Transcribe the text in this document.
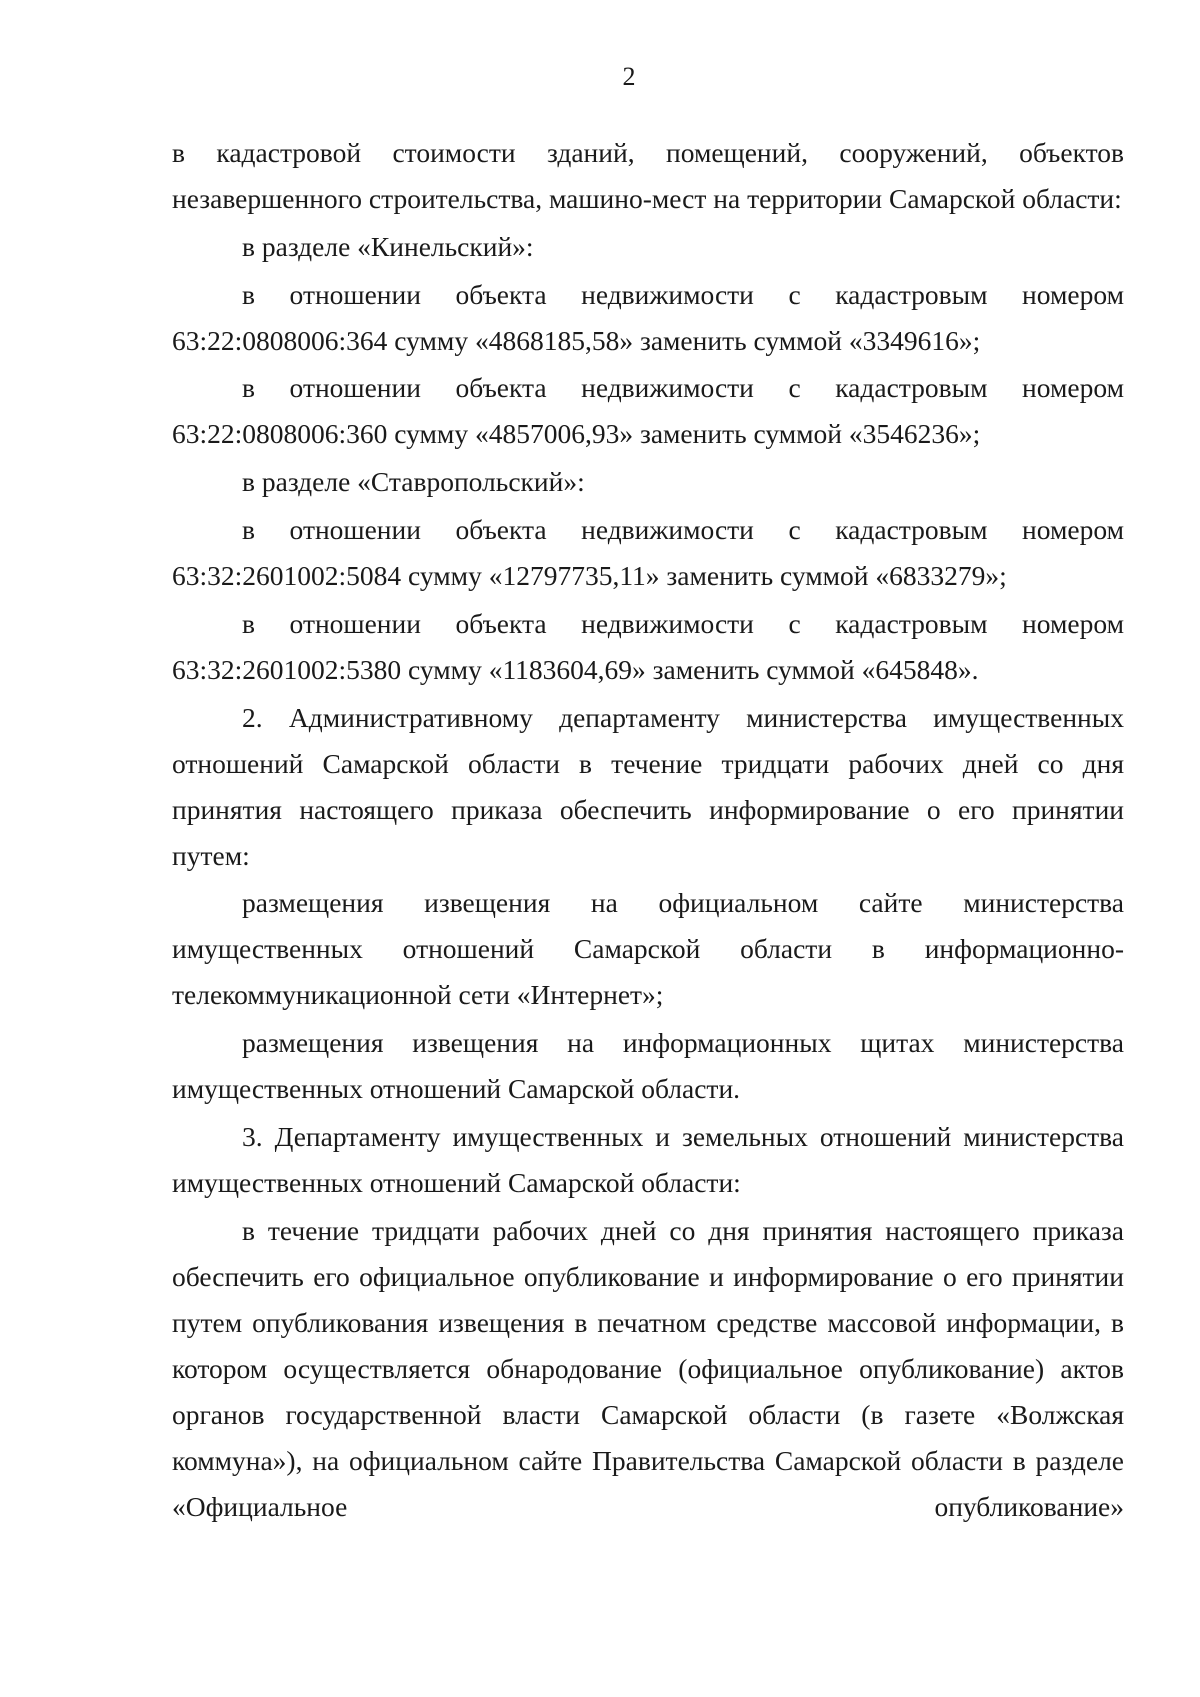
2

в кадастровой стоимости зданий, помещений, сооружений, объектов незавершенного строительства, машино-мест на территории Самарской области:

в разделе «Кинельский»:

в отношении объекта недвижимости с кадастровым номером 63:22:0808006:364 сумму «4868185,58» заменить суммой «3349616»;

в отношении объекта недвижимости с кадастровым номером 63:22:0808006:360 сумму «4857006,93» заменить суммой «3546236»;

в разделе «Ставропольский»:

в отношении объекта недвижимости с кадастровым номером 63:32:2601002:5084 сумму «12797735,11» заменить суммой «6833279»;

в отношении объекта недвижимости с кадастровым номером 63:32:2601002:5380 сумму «1183604,69» заменить суммой «645848».

2. Административному департаменту министерства имущественных отношений Самарской области в течение тридцати рабочих дней со дня принятия настоящего приказа обеспечить информирование о его принятии путем:

размещения извещения на официальном сайте министерства имущественных отношений Самарской области в информационно-телекоммуникационной сети «Интернет»;

размещения извещения на информационных щитах министерства имущественных отношений Самарской области.

3. Департаменту имущественных и земельных отношений министерства имущественных отношений Самарской области:

в течение тридцати рабочих дней со дня принятия настоящего приказа обеспечить его официальное опубликование и информирование о его принятии путем опубликования извещения в печатном средстве массовой информации, в котором осуществляется обнародование (официальное опубликование) актов органов государственной власти Самарской области (в газете «Волжская коммуна»), на официальном сайте Правительства Самарской области в разделе «Официальное опубликование»
